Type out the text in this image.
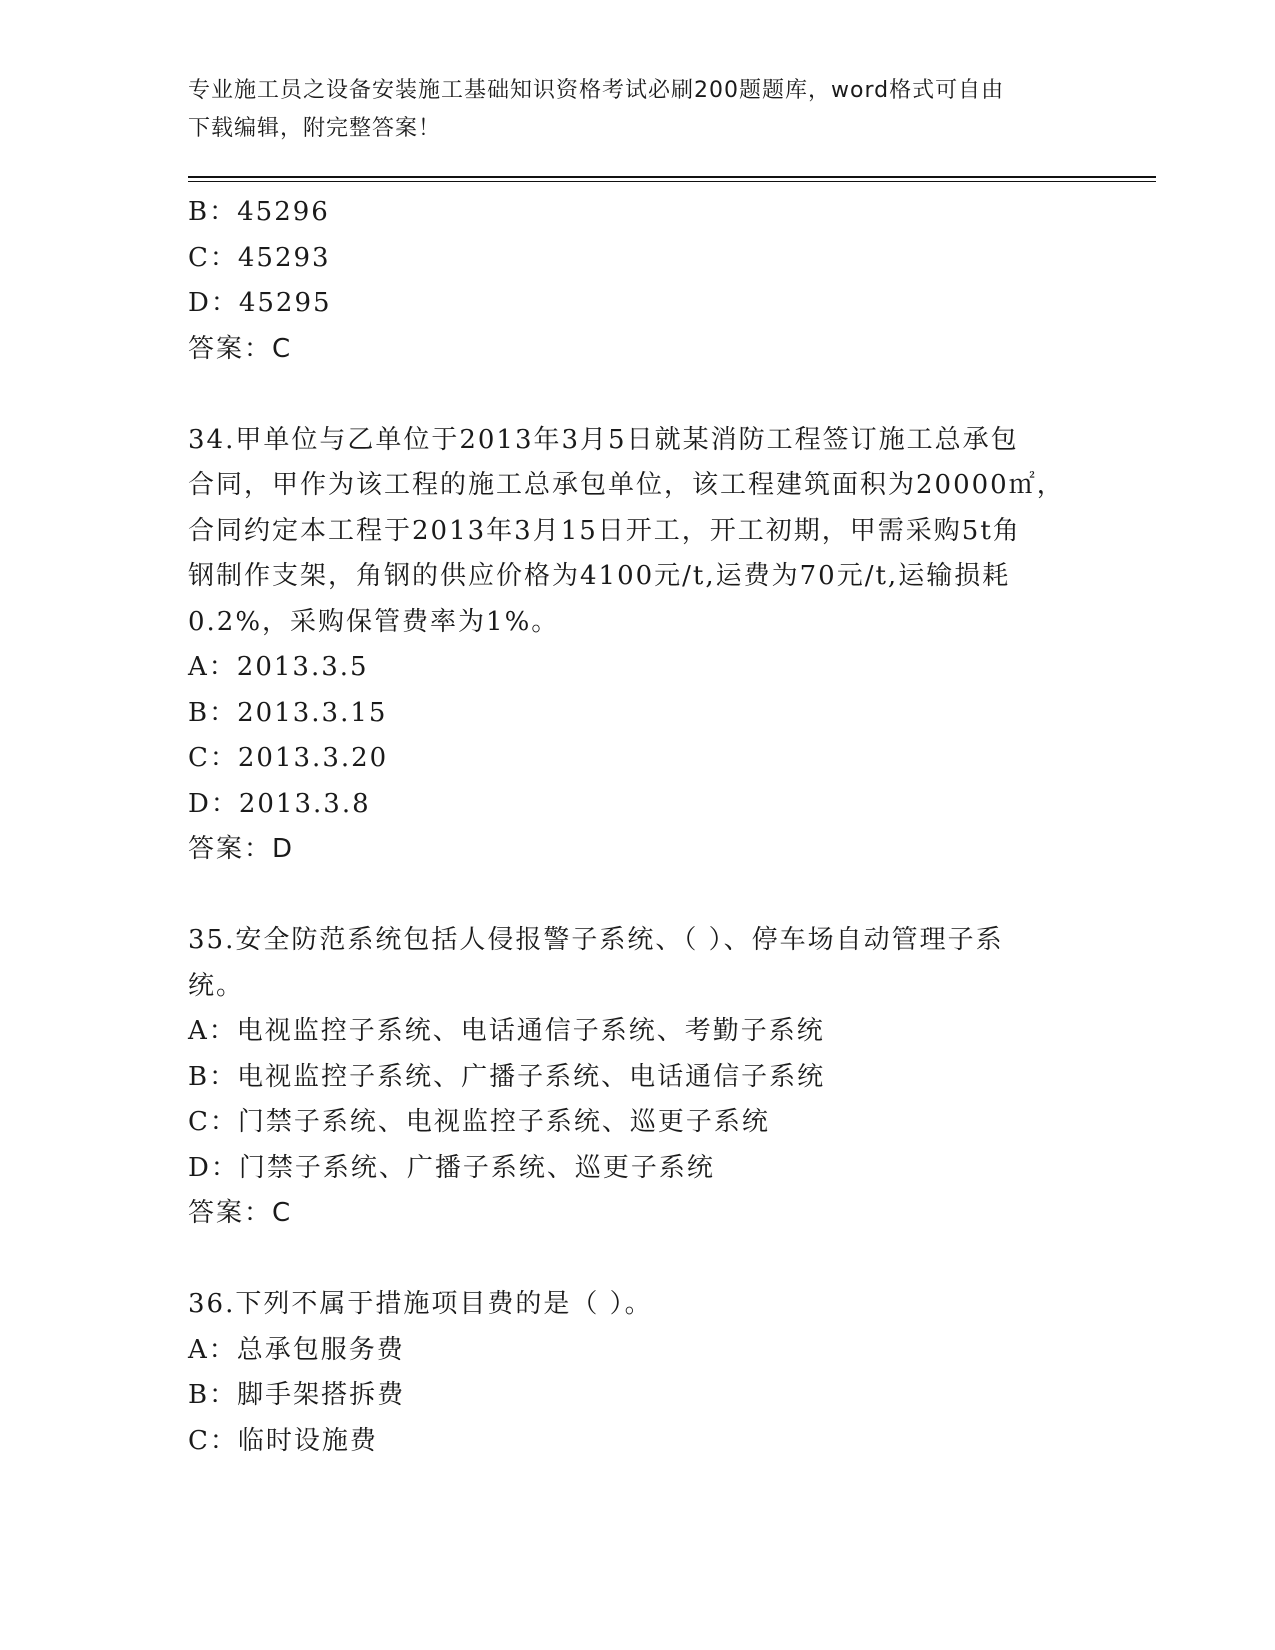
专业施工员之设备安装施工基础知识资格考试必刷200题题库，word格式可自由
下载编辑，附完整答案！
B：45296
C：45293
D：45295
答案：C
34.甲单位与乙单位于2013年3月5日就某消防工程签订施工总承包
合同，甲作为该工程的施工总承包单位，该工程建筑面积为20000㎡，
合同约定本工程于2013年3月15日开工，开工初期，甲需采购5t角
钢制作支架，角钢的供应价格为4100元/t,运费为70元/t,运输损耗
0.2%，采购保管费率为1%。
A：2013.3.5
B：2013.3.15
C：2013.3.20
D：2013.3.8
答案：D
35.安全防范系统包括人侵报警子系统、（ ）、停车场自动管理子系
统。
A：电视监控子系统、电话通信子系统、考勤子系统
B：电视监控子系统、广播子系统、电话通信子系统
C：门禁子系统、电视监控子系统、巡更子系统
D：门禁子系统、广播子系统、巡更子系统
答案：C
36.下列不属于措施项目费的是（ ）。
A：总承包服务费
B：脚手架搭拆费
C：临时设施费
